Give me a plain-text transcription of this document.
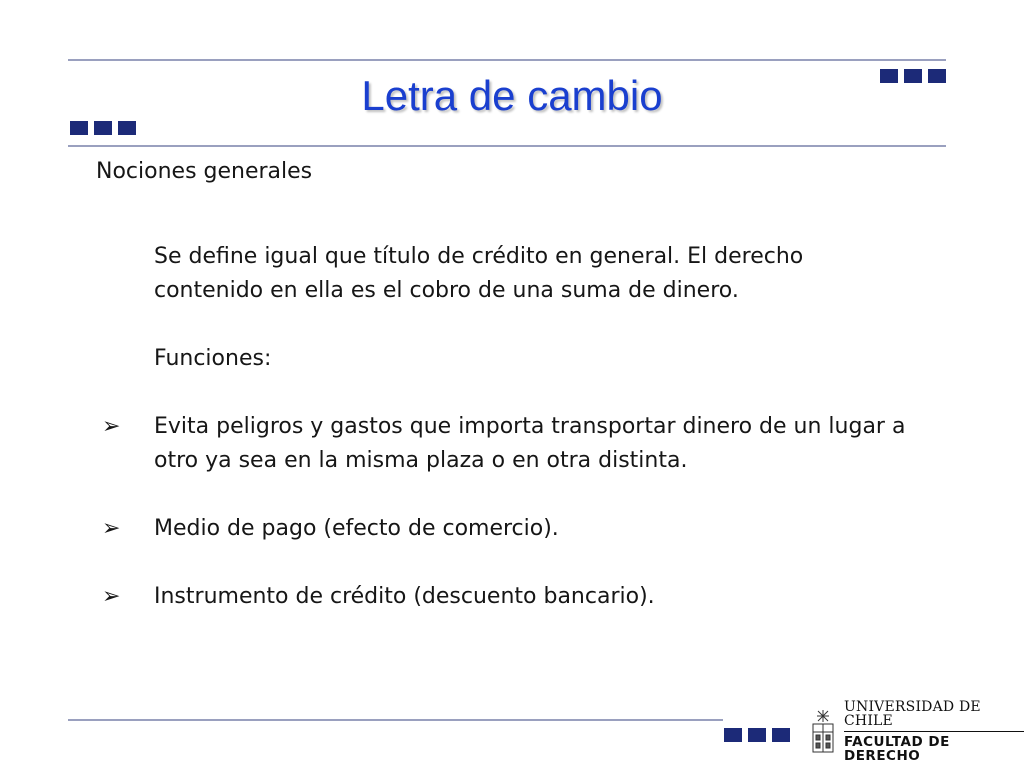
Letra de cambio
Nociones generales

Se define igual que título de crédito en general. El derecho contenido en ella es el cobro de una suma de dinero.

Funciones:

➢ Evita peligros y gastos que importa transportar dinero de un lugar a otro ya sea en la misma plaza o en otra distinta.

➢ Medio de pago (efecto de comercio).

➢ Instrumento de crédito (descuento bancario).

UNIVERSIDAD DE CHILE
FACULTAD DE DERECHO
